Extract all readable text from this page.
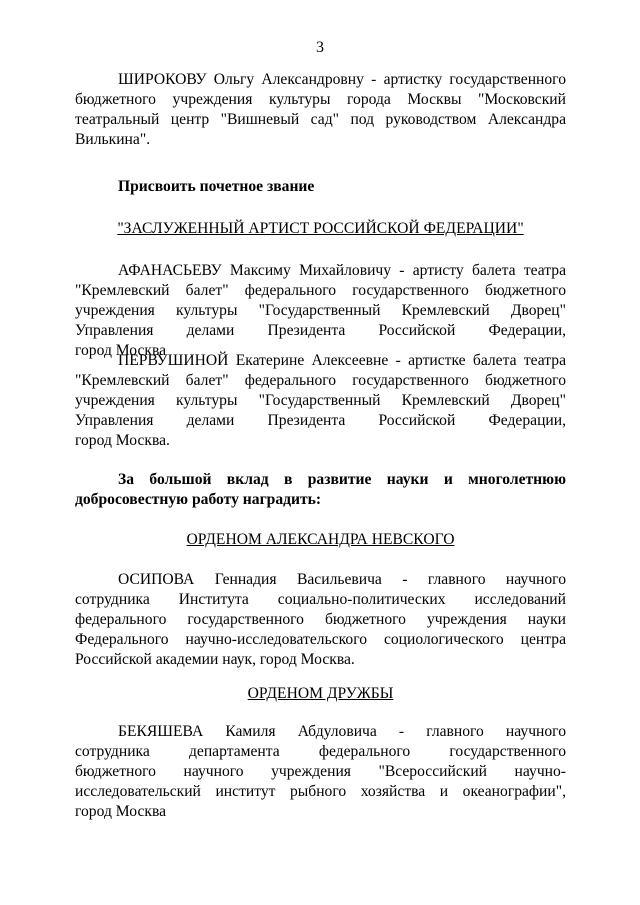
3

ШИРОКОВУ Ольгу Александровну - артистку государственного

бюджетного учреждения культуры города Москвы "Московский

театральный центр "Вишневый сад" под руководством Александра

Вилькина".

Присвоить почетное звание
"ЗАСЛУЖЕННЫЙ АРТИСТ РОССИЙСКОЙ ФЕДЕРАЦИИ"

АФАНАСЬЕВУ Максиму Михайловичу - артисту балета театра

"Кремлевский балет" федерального государственного бюджетного

учреждения культуры "Государственный Кремлевский Дворец"

Управления делами Президента Российской Федерации,

город Москва

ПЕРВУШИНОЙ Екатерине Алексеевне - артистке балета театра

"Кремлевский балет" федерального государственного бюджетного

учреждения культуры "Государственный Кремлевский Дворец"

Управления делами Президента Российской Федерации,

город Москва.

За большой вклад в развитие науки и многолетнюю

добросовестную работу наградить:

ОРДЕНОМ АЛЕКСАНДРА НЕВСКОГО

ОСИПОВА Геннадия Васильевича - главного научного

сотрудника Института социально-политических исследований

федерального государственного бюджетного учреждения науки

Федерального научно-исследовательского социологического центра

Российской академии наук, город Москва.

ОРДЕНОМ ДРУЖБЫ

БЕКЯШЕВА Камиля Абдуловича - главного научного

сотрудника департамента федерального государственного

бюджетного научного учреждения "Всероссийский научно-

исследовательский институт рыбного хозяйства и океанографии",

город Москва
